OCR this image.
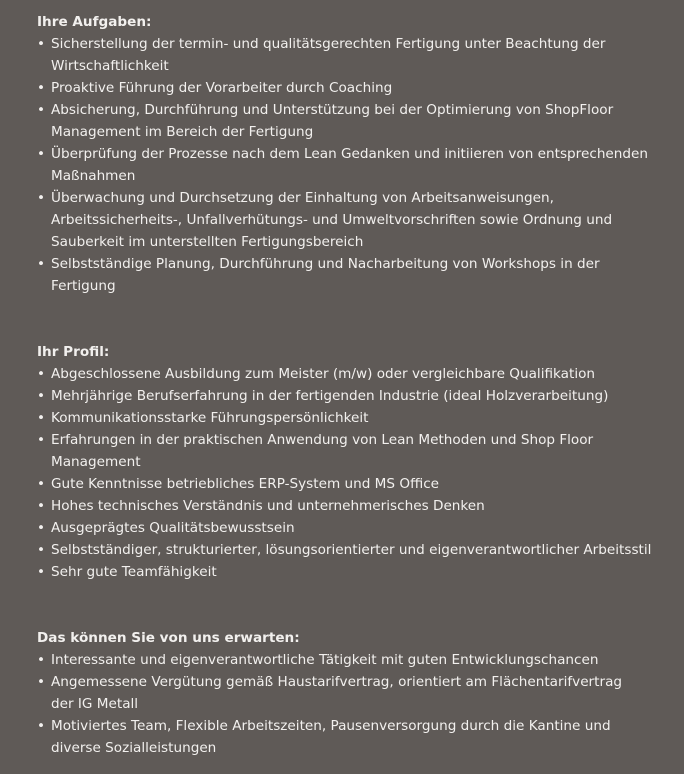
Ihre Aufgaben:
• Sicherstellung der termin- und qualitätsgerechten Fertigung unter Beachtung der
Wirtschaftlichkeit
• Proaktive Führung der Vorarbeiter durch Coaching
• Absicherung, Durchführung und Unterstützung bei der Optimierung von ShopFloor
Management im Bereich der Fertigung
• Überprüfung der Prozesse nach dem Lean Gedanken und initiieren von entsprechenden
Maßnahmen
• Überwachung und Durchsetzung der Einhaltung von Arbeitsanweisungen,
Arbeitssicherheits-, Unfallverhütungs- und Umweltvorschriften sowie Ordnung und
Sauberkeit im unterstellten Fertigungsbereich
• Selbstständige Planung, Durchführung und Nacharbeitung von Workshops in der
Fertigung
Ihr Profil:
• Abgeschlossene Ausbildung zum Meister (m/w) oder vergleichbare Qualifikation
• Mehrjährige Berufserfahrung in der fertigenden Industrie (ideal Holzverarbeitung)
• Kommunikationsstarke Führungspersönlichkeit
• Erfahrungen in der praktischen Anwendung von Lean Methoden und Shop Floor
Management
• Gute Kenntnisse betriebliches ERP-System und MS Office
• Hohes technisches Verständnis und unternehmerisches Denken
• Ausgeprägtes Qualitätsbewusstsein
• Selbstständiger, strukturierter, lösungsorientierter und eigenverantwortlicher Arbeitsstil
• Sehr gute Teamfähigkeit
Das können Sie von uns erwarten:
• Interessante und eigenverantwortliche Tätigkeit mit guten Entwicklungschancen
• Angemessene Vergütung gemäß Haustarifvertrag, orientiert am Flächentarifvertrag
der IG Metall
• Motiviertes Team, Flexible Arbeitszeiten, Pausenversorgung durch die Kantine und
diverse Sozialleistungen
